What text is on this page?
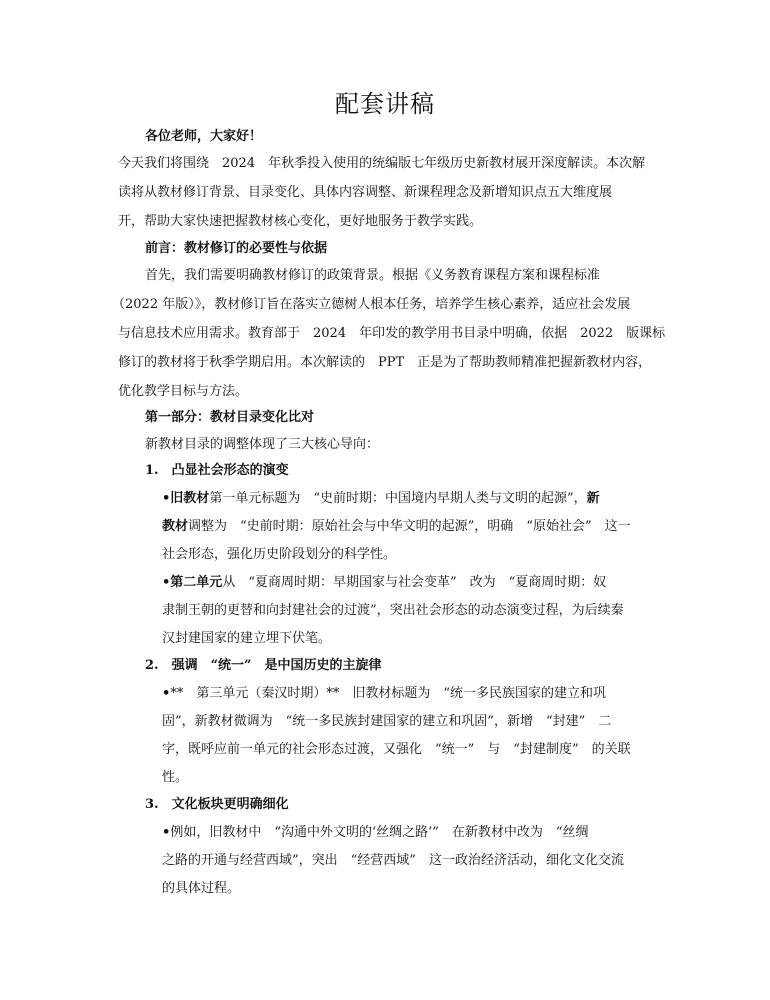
配套讲稿
各位老师，大家好！
今天我们将围绕　2024　年秋季投入使用的统编版七年级历史新教材展开深度解读。本次解
读将从教材修订背景、目录变化、具体内容调整、新课程理念及新增知识点五大维度展
开，帮助大家快速把握教材核心变化，更好地服务于教学实践。
前言：教材修订的必要性与依据
首先，我们需要明确教材修订的政策背景。根据《义务教育课程方案和课程标准
（2022 年版）》，教材修订旨在落实立德树人根本任务，培养学生核心素养，适应社会发展
与信息技术应用需求。教育部于　2024　年印发的教学用书目录中明确，依据　2022　版课标
修订的教材将于秋季学期启用。本次解读的　PPT　正是为了帮助教师精准把握新教材内容，
优化教学目标与方法。
第一部分：教材目录变化比对
新教材目录的调整体现了三大核心导向：
1.　凸显社会形态的演变
•旧教材第一单元标题为　“史前时期：中国境内早期人类与文明的起源”，新
教材调整为　“史前时期：原始社会与中华文明的起源”，明确　“原始社会”　这一
社会形态，强化历史阶段划分的科学性。
•第二单元从　“夏商周时期：早期国家与社会变革”　改为　“夏商周时期：奴
隶制王朝的更替和向封建社会的过渡”，突出社会形态的动态演变过程，为后续秦
汉封建国家的建立埋下伏笔。
2.　强调　“统一”　是中国历史的主旋律
•**　第三单元（秦汉时期）**　旧教材标题为　“统一多民族国家的建立和巩
固”，新教材微调为　“统一多民族封建国家的建立和巩固”，新增　“封建”　二
字，既呼应前一单元的社会形态过渡，又强化　“统一”　与　“封建制度”　的关联
性。
3.　文化板块更明确细化
•例如，旧教材中　“沟通中外文明的‘丝绸之路’”　在新教材中改为　“丝绸
之路的开通与经营西域”，突出　“经营西域”　这一政治经济活动，细化文化交流
的具体过程。
